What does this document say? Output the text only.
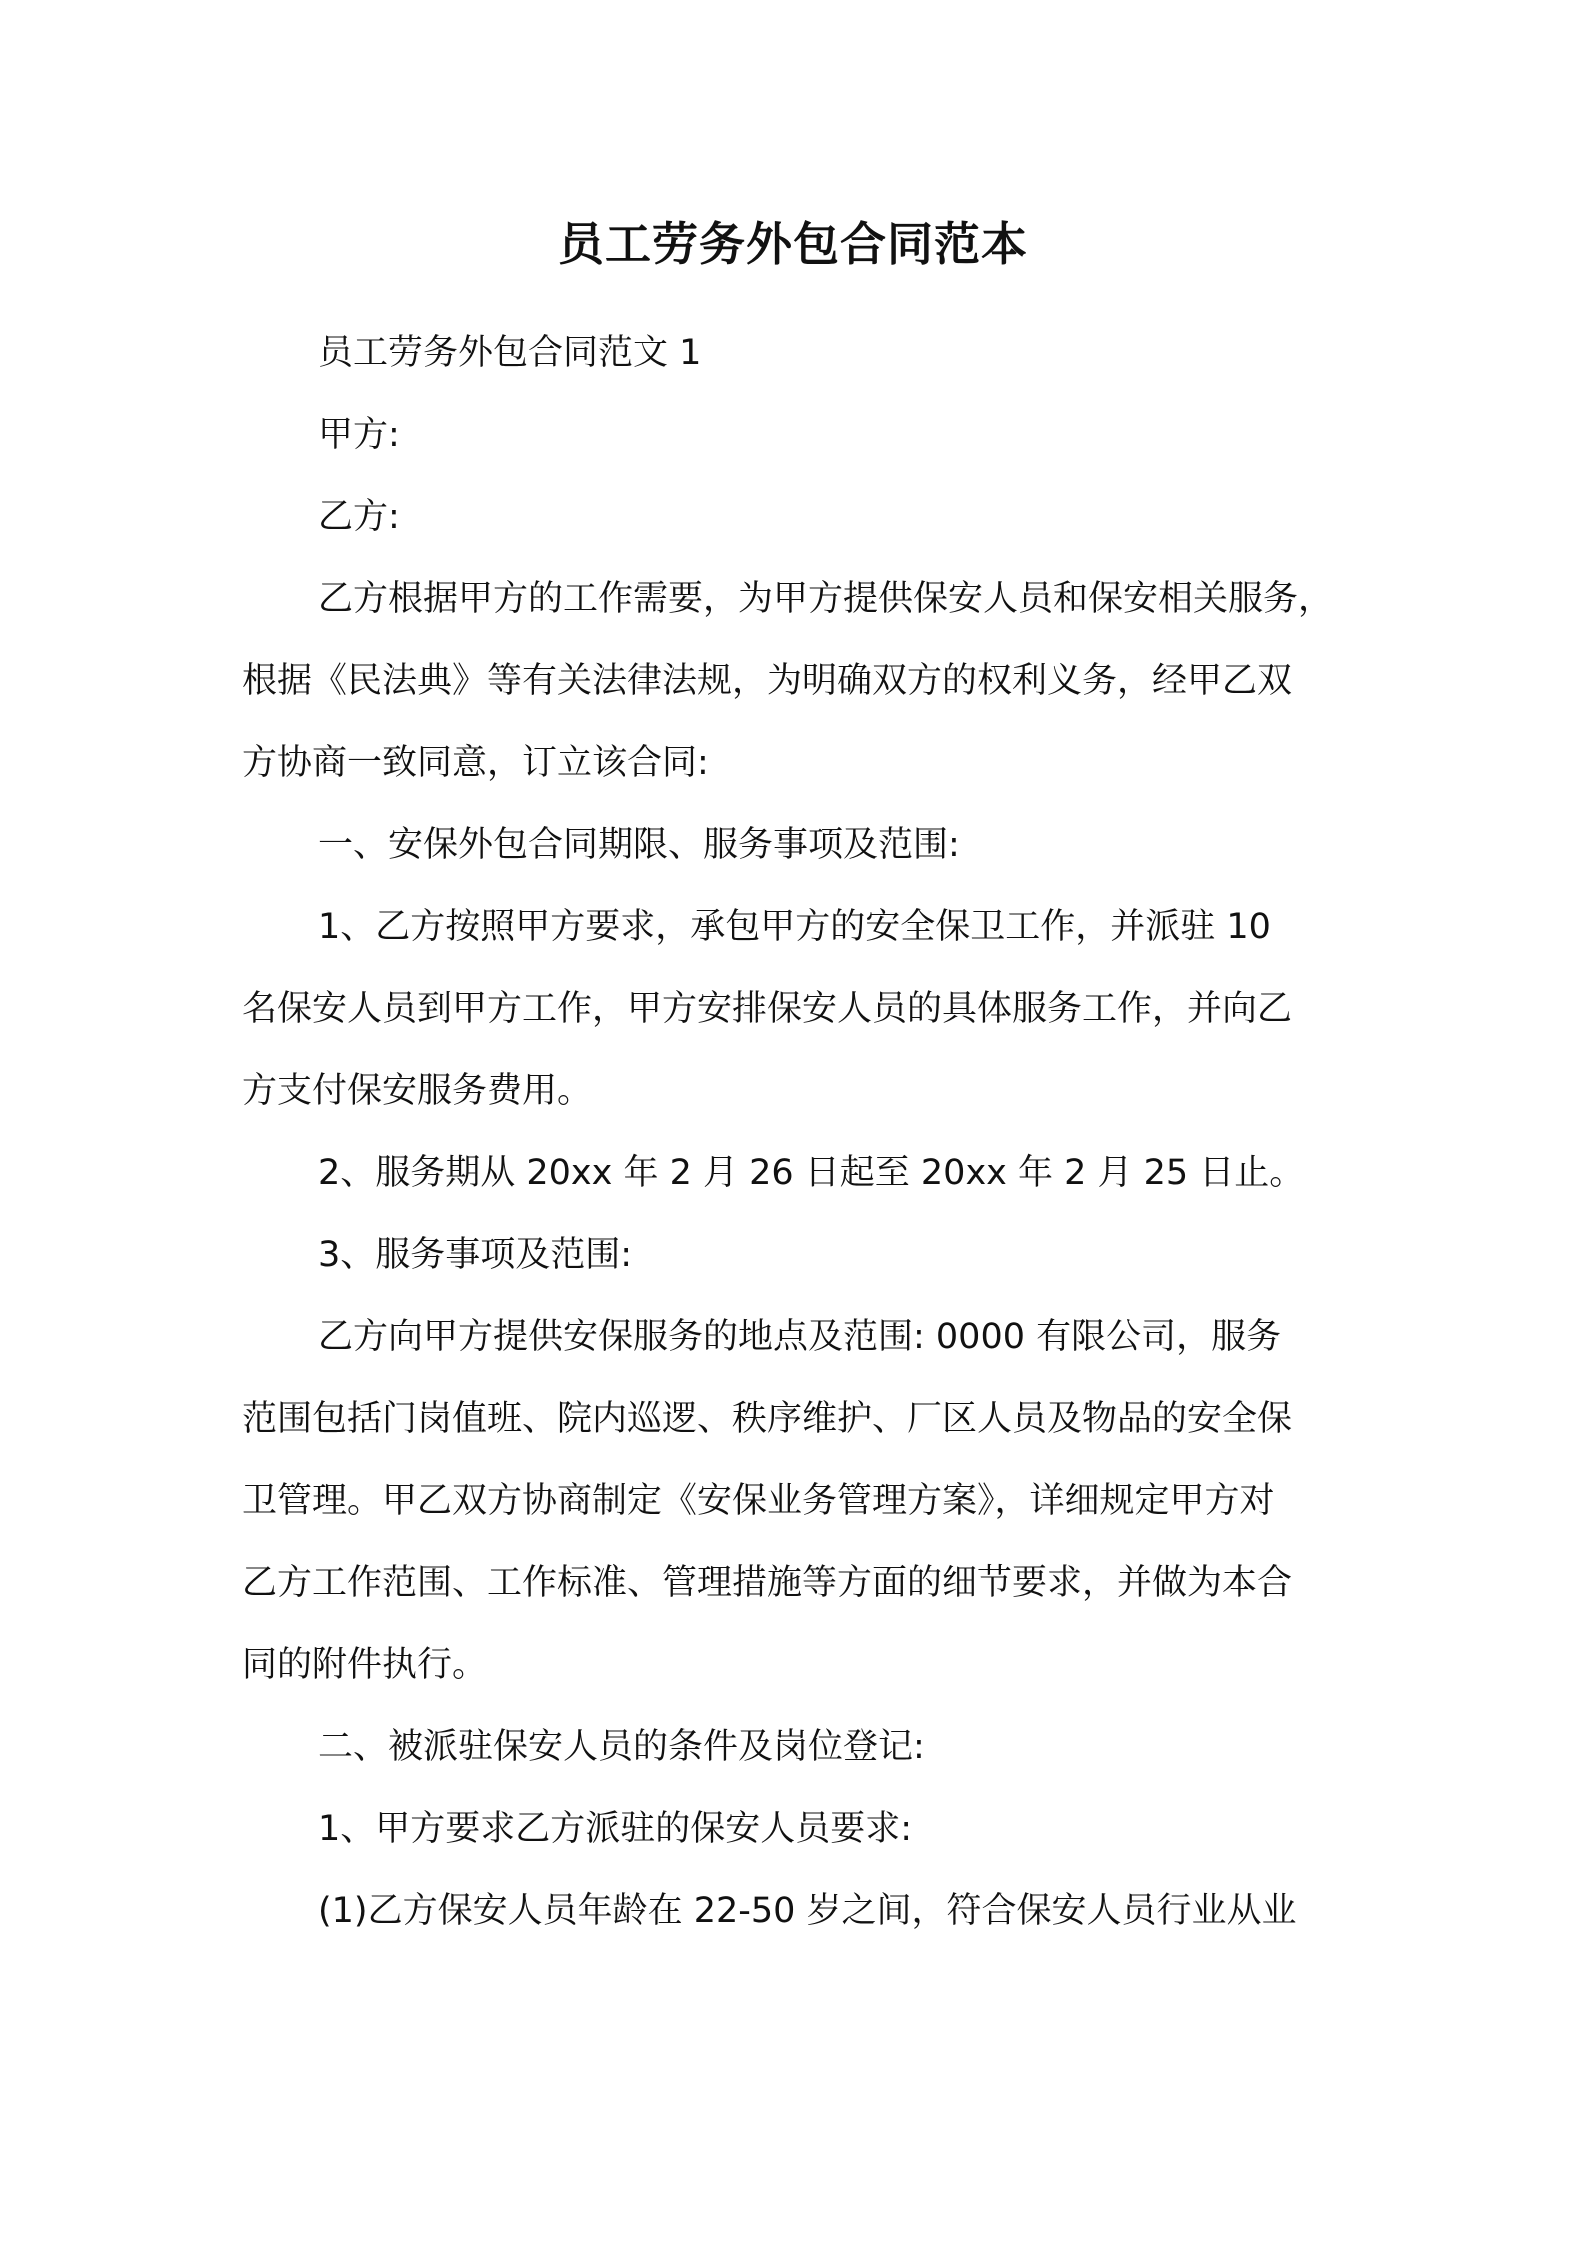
员工劳务外包合同范本
员工劳务外包合同范文 1
甲方:
乙方:
乙方根据甲方的工作需要，为甲方提供保安人员和保安相关服务，
根据《民法典》等有关法律法规，为明确双方的权利义务，经甲乙双
方协商一致同意，订立该合同:
一、安保外包合同期限、服务事项及范围:
1、乙方按照甲方要求，承包甲方的安全保卫工作，并派驻 10
名保安人员到甲方工作，甲方安排保安人员的具体服务工作，并向乙
方支付保安服务费用。
2、服务期从 20xx 年 2 月 26 日起至 20xx 年 2 月 25 日止。
3、服务事项及范围:
乙方向甲方提供安保服务的地点及范围: 0000 有限公司，服务
范围包括门岗值班、院内巡逻、秩序维护、厂区人员及物品的安全保
卫管理。甲乙双方协商制定《安保业务管理方案》，详细规定甲方对
乙方工作范围、工作标准、管理措施等方面的细节要求，并做为本合
同的附件执行。
二、被派驻保安人员的条件及岗位登记:
1、甲方要求乙方派驻的保安人员要求:
(1)乙方保安人员年龄在 22-50 岁之间，符合保安人员行业从业
